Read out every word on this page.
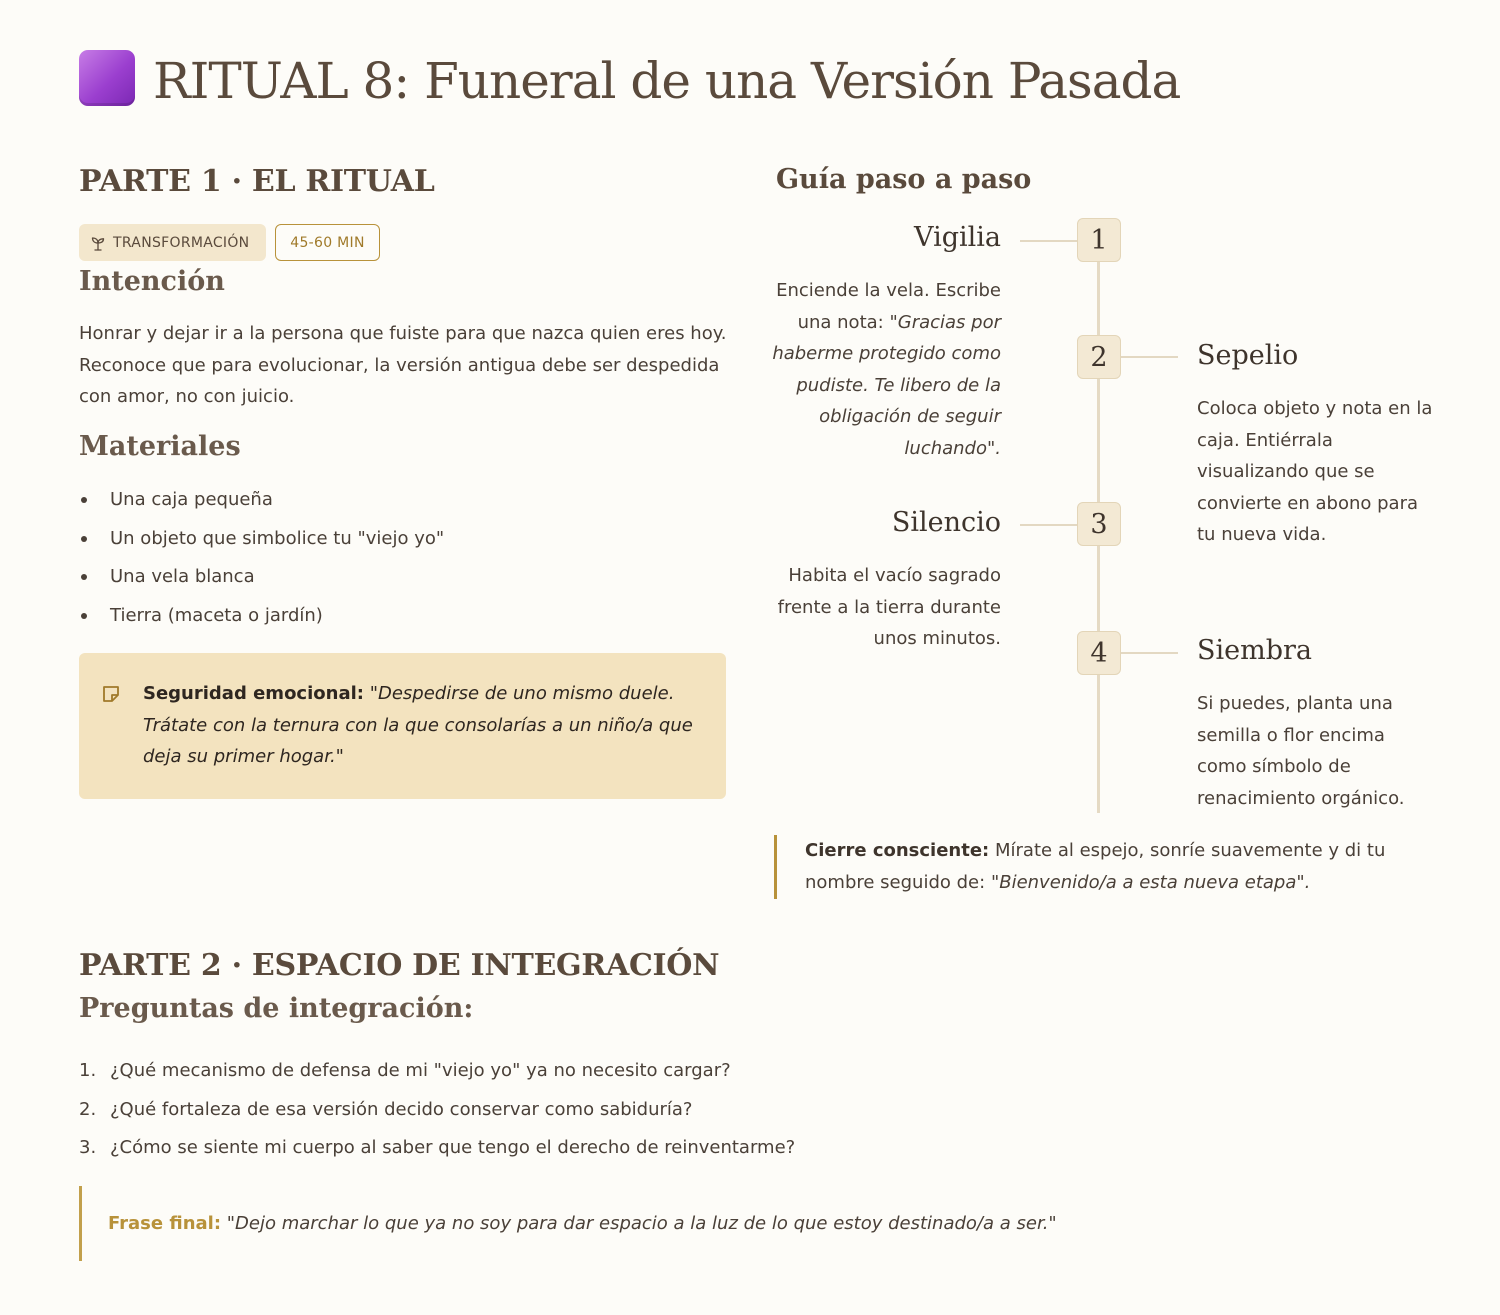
RITUAL 8: Funeral de una Versión Pasada
PARTE 1 · EL RITUAL
TRANSFORMACIÓN	45-60 MIN
Intención

Honrar y dejar ir a la persona que fuiste para que nazca quien eres hoy. Reconoce que para evolucionar, la versión antigua debe ser despedida con amor, no con juicio.

Materiales
Una caja pequeña
Un objeto que simbolice tu "viejo yo"
Una vela blanca
Tierra (maceta o jardín)
Seguridad emocional: "Despedirse de uno mismo duele. Trátate con la ternura con la que consolarías a un niño/a que deja su primer hogar."
Guía paso a paso
1
Vigilia

Enciende la vela. Escribe una nota: "Gracias por haberme protegido como pudiste. Te libero de la obligación de seguir luchando".

2	Sepelio

Coloca objeto y nota en la caja. Entiérrala visualizando que se convierte en abono para tu nueva vida.

3
Silencio

Habita el vacío sagrado frente a la tierra durante unos minutos.	4	Siembra

Si puedes, planta una semilla o flor encima como símbolo de renacimiento orgánico.

Cierre consciente: Mírate al espejo, sonríe suavemente y di tu nombre seguido de: "Bienvenido/a a esta nueva etapa".
PARTE 2 · ESPACIO DE INTEGRACIÓN
Preguntas de integración:
1. ¿Qué mecanismo de defensa de mi "viejo yo" ya no necesito cargar?
2. ¿Qué fortaleza de esa versión decido conservar como sabiduría?
3. ¿Cómo se siente mi cuerpo al saber que tengo el derecho de reinventarme?
Frase final: "Dejo marchar lo que ya no soy para dar espacio a la luz de lo que estoy destinado/a a ser."
